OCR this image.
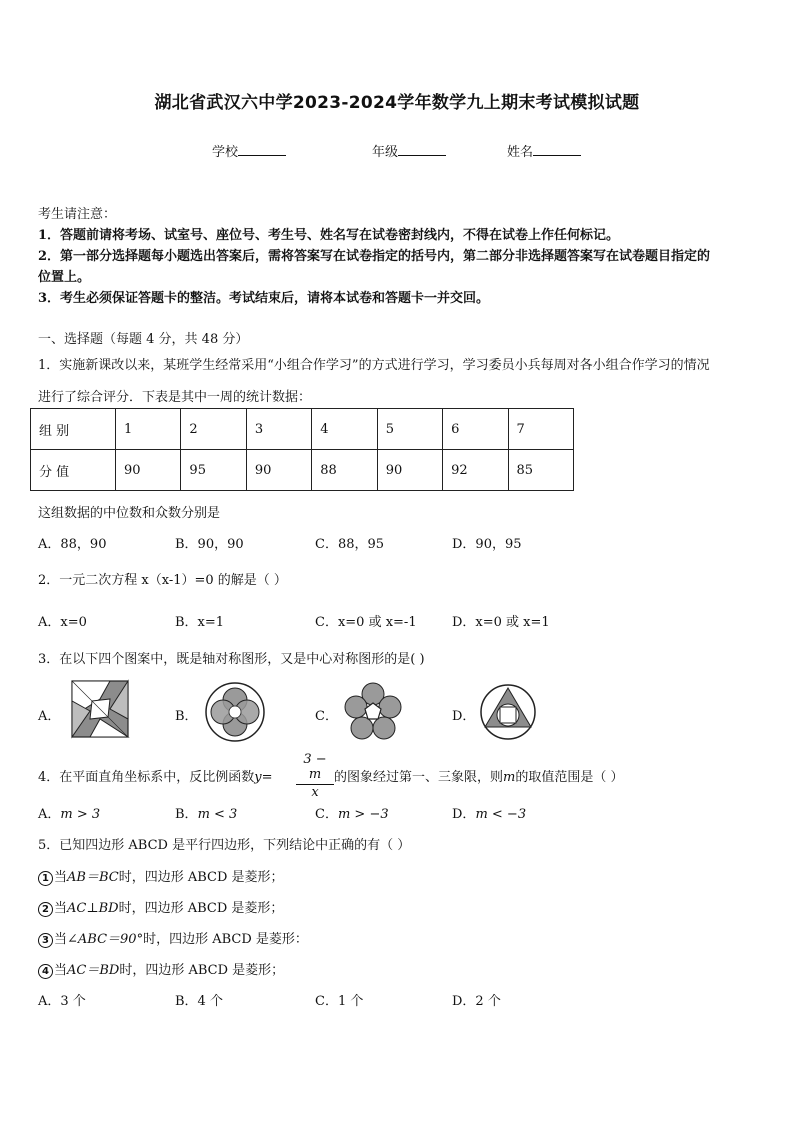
湖北省武汉六中学2023-2024学年数学九上期末考试模拟试题
学校	年级	姓名
考生请注意：
1．答题前请将考场、试室号、座位号、考生号、姓名写在试卷密封线内，不得在试卷上作任何标记。
2．第一部分选择题每小题选出答案后，需将答案写在试卷指定的括号内，第二部分非选择题答案写在试卷题目指定的
位置上。
3．考生必须保证答题卡的整洁。考试结束后，请将本试卷和答题卡一并交回。
一、选择题（每题 4 分，共 48 分）
1．实施新课改以来，某班学生经常采用“小组合作学习”的方式进行学习，学习委员小兵每周对各小组合作学习的情况
进行了综合评分．下表是其中一周的统计数据：
组 别	1	2	3	4	5	6	7
分 值	90	95	90	88	90	92	85
这组数据的中位数和众数分别是
A．88，90	B．90，90	C．88，95	D．90，95
2．一元二次方程 x（x-1）=0 的解是（ ）
A．x=0	B．x=1	C．x=0 或 x=-1	D．x=0 或 x=1
3．在以下四个图案中，既是轴对称图形，又是中心对称图形的是( )
A．	B．	C．	D．
4．在平面直角坐标系中，反比例函数$y= \frac{3 - m}{x}$ 的图象经过第一、三象限，则m的取值范围是（ ）
A．m > 3	B．m < 3	C．m > −3	D．m < −3
5．已知四边形 ABCD 是平行四边形，下列结论中正确的有（ ）
1 当AB＝BC时，四边形 ABCD 是菱形；
2 当AC⊥BD时，四边形 ABCD 是菱形；
3 当∠ABC＝90°时，四边形 ABCD 是菱形：
4 当AC＝BD时，四边形 ABCD 是菱形；
A．3 个	B．4 个	C．1 个	D．2 个
